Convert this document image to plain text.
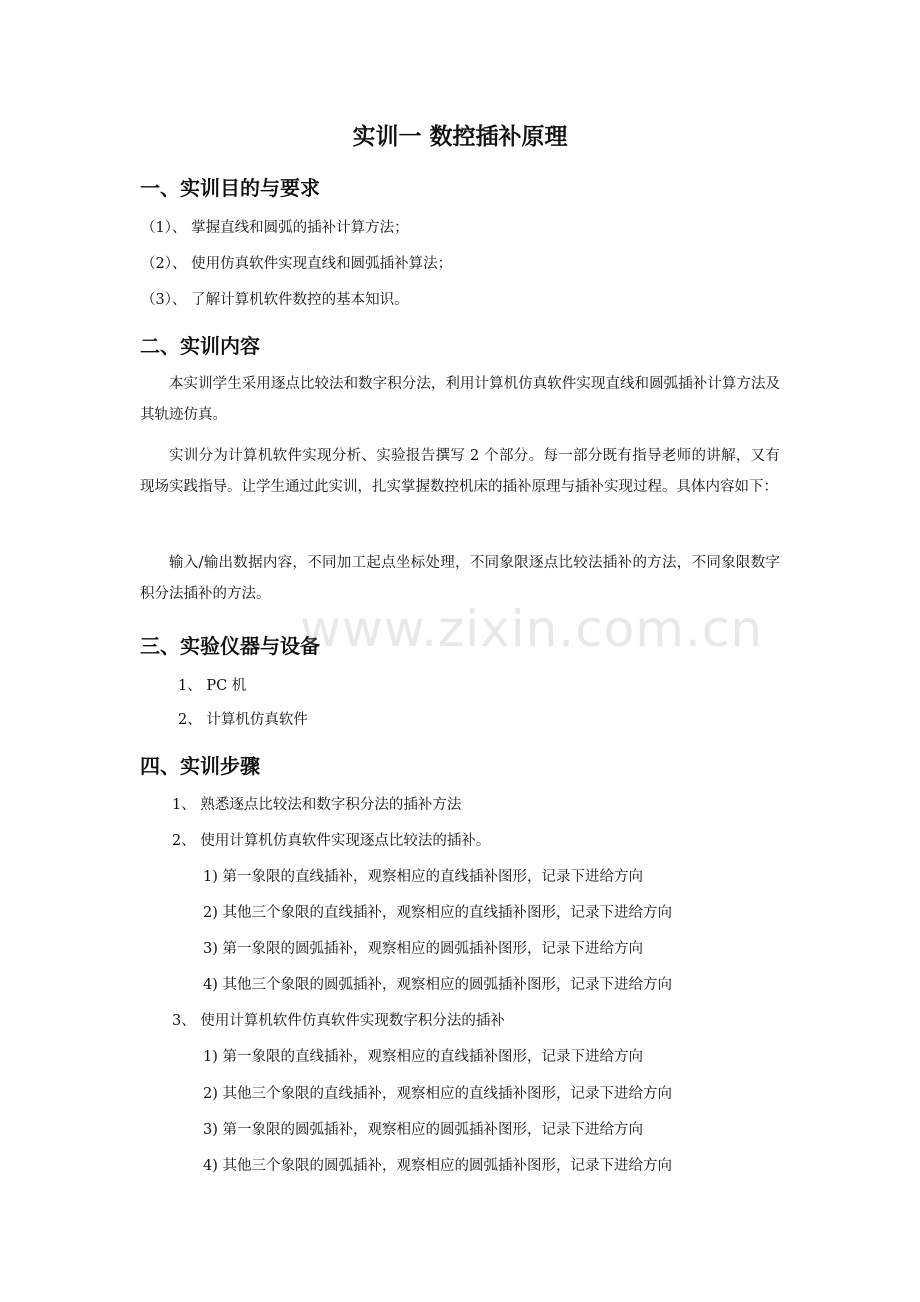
实训一 数控插补原理
一、实训目的与要求
（1）、 掌握直线和圆弧的插补计算方法；
（2）、 使用仿真软件实现直线和圆弧插补算法；
（3）、 了解计算机软件数控的基本知识。
二、实训内容
本实训学生采用逐点比较法和数字积分法，利用计算机仿真软件实现直线和圆弧插补计算方法及其轨迹仿真。
实训分为计算机软件实现分析、实验报告撰写 2 个部分。每一部分既有指导老师的讲解，又有现场实践指导。让学生通过此实训，扎实掌握数控机床的插补原理与插补实现过程。具体内容如下：
输入/输出数据内容，不同加工起点坐标处理，不同象限逐点比较法插补的方法，不同象限数字积分法插补的方法。
三、实验仪器与设备
1、 PC 机
2、 计算机仿真软件
四、实训步骤
1、 熟悉逐点比较法和数字积分法的插补方法
2、 使用计算机仿真软件实现逐点比较法的插补。
1) 第一象限的直线插补，观察相应的直线插补图形，记录下进给方向
2) 其他三个象限的直线插补，观察相应的直线插补图形，记录下进给方向
3) 第一象限的圆弧插补，观察相应的圆弧插补图形，记录下进给方向
4) 其他三个象限的圆弧插补，观察相应的圆弧插补图形，记录下进给方向
3、 使用计算机软件仿真软件实现数字积分法的插补
1) 第一象限的直线插补，观察相应的直线插补图形，记录下进给方向
2) 其他三个象限的直线插补，观察相应的直线插补图形，记录下进给方向
3) 第一象限的圆弧插补，观察相应的圆弧插补图形，记录下进给方向
4) 其他三个象限的圆弧插补，观察相应的圆弧插补图形，记录下进给方向
www.zixin.com.cn
